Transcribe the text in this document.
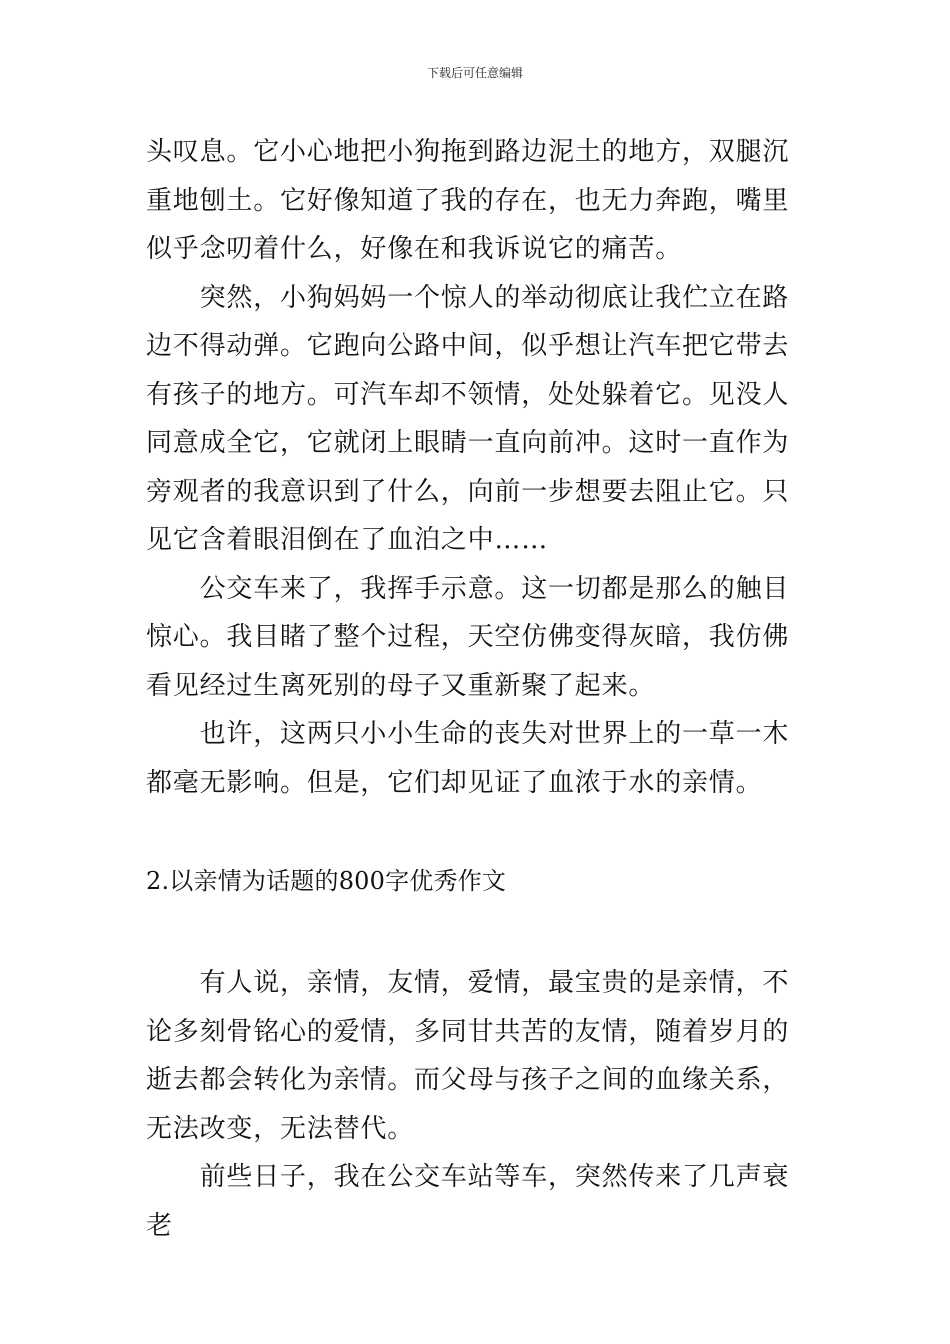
下载后可任意编辑

头叹息。它小心地把小狗拖到路边泥土的地方，双腿沉重地刨土。它好像知道了我的存在，也无力奔跑，嘴里似乎念叨着什么，好像在和我诉说它的痛苦。

　　突然，小狗妈妈一个惊人的举动彻底让我伫立在路边不得动弹。它跑向公路中间，似乎想让汽车把它带去有孩子的地方。可汽车却不领情，处处躲着它。见没人同意成全它，它就闭上眼睛一直向前冲。这时一直作为旁观者的我意识到了什么，向前一步想要去阻止它。只见它含着眼泪倒在了血泊之中……

　　公交车来了，我挥手示意。这一切都是那么的触目惊心。我目睹了整个过程，天空仿佛变得灰暗，我仿佛看见经过生离死别的母子又重新聚了起来。

　　也许，这两只小小生命的丧失对世界上的一草一木都毫无影响。但是，它们却见证了血浓于水的亲情。

2.以亲情为话题的800字优秀作文

　　有人说，亲情，友情，爱情，最宝贵的是亲情，不论多刻骨铭心的爱情，多同甘共苦的友情，随着岁月的逝去都会转化为亲情。而父母与孩子之间的血缘关系，无法改变，无法替代。

　　前些日子，我在公交车站等车，突然传来了几声衰老
